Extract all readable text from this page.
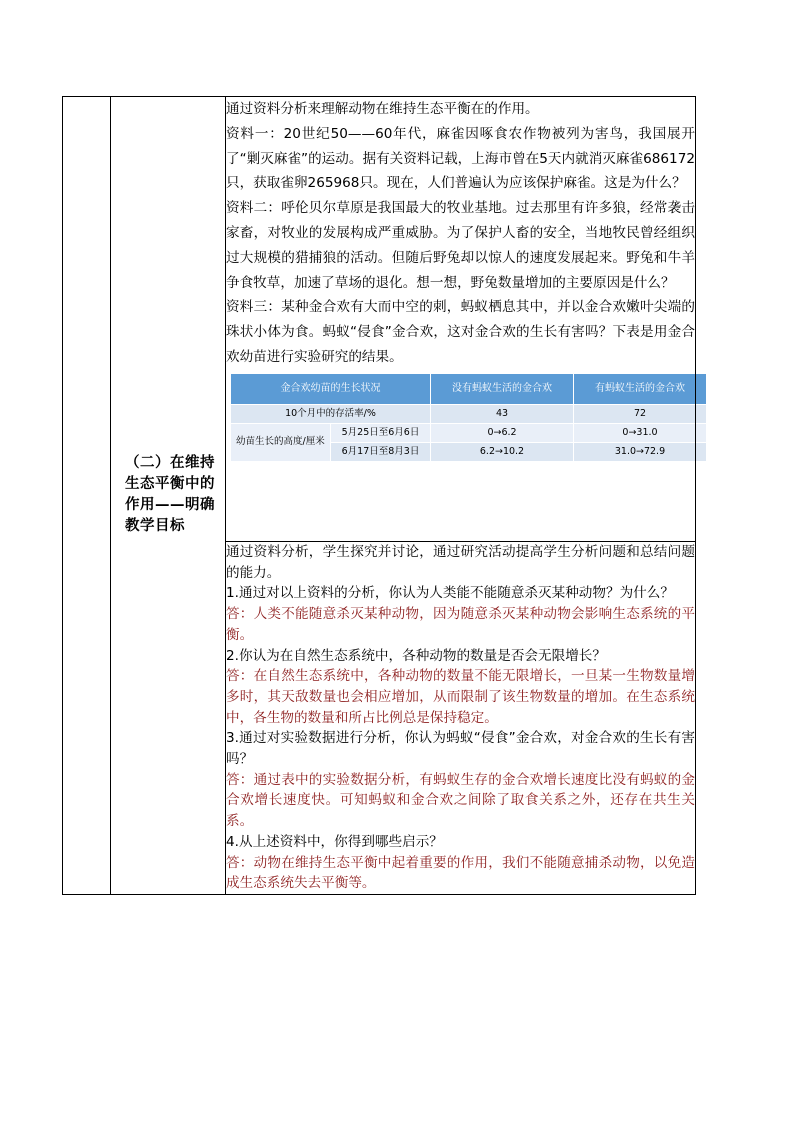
	（二）在维持生态平衡中的作用——明确教学目标	

通过资料分析来理解动物在维持生态平衡在的作用。

资料一：20世纪50——60年代，麻雀因啄食农作物被列为害鸟，我国展开了“剿灭麻雀”的运动。据有关资料记载，上海市曾在5天内就消灭麻雀686172只，获取雀卵265968只。现在，人们普遍认为应该保护麻雀。这是为什么？

资料二：呼伦贝尔草原是我国最大的牧业基地。过去那里有许多狼，经常袭击家畜，对牧业的发展构成严重威胁。为了保护人畜的安全，当地牧民曾经组织过大规模的猎捕狼的活动。但随后野兔却以惊人的速度发展起来。野兔和牛羊争食牧草，加速了草场的退化。想一想，野兔数量增加的主要原因是什么？

资料三：某种金合欢有大而中空的刺，蚂蚁栖息其中，并以金合欢嫩叶尖端的珠状小体为食。蚂蚁“侵食”金合欢，这对金合欢的生长有害吗？下表是用金合欢幼苗进行实验研究的结果。

金合欢幼苗的生长状况	没有蚂蚁生活的金合欢	有蚂蚁生活的金合欢
10个月中的存活率/%	43	72
幼苗生长的高度/厘米	5月25日至6月6日	0→6.2	0→31.0
6月17日至8月3日	6.2→10.2	31.0→72.9

通过资料分析，学生探究并讨论，通过研究活动提高学生分析问题和总结问题的能力。

1.通过对以上资料的分析，你认为人类能不能随意杀灭某种动物？为什么？

答：人类不能随意杀灭某种动物，因为随意杀灭某种动物会影响生态系统的平衡。

2.你认为在自然生态系统中，各种动物的数量是否会无限增长？

答：在自然生态系统中，各种动物的数量不能无限增长，一旦某一生物数量增多时，其天敌数量也会相应增加，从而限制了该生物数量的增加。在生态系统中，各生物的数量和所占比例总是保持稳定。

3.通过对实验数据进行分析，你认为蚂蚁“侵食”金合欢，对金合欢的生长有害吗？

答：通过表中的实验数据分析，有蚂蚁生存的金合欢增长速度比没有蚂蚁的金合欢增长速度快。可知蚂蚁和金合欢之间除了取食关系之外，还存在共生关系。

4.从上述资料中，你得到哪些启示？

答：动物在维持生态平衡中起着重要的作用，我们不能随意捕杀动物，以免造成生态系统失去平衡等。
